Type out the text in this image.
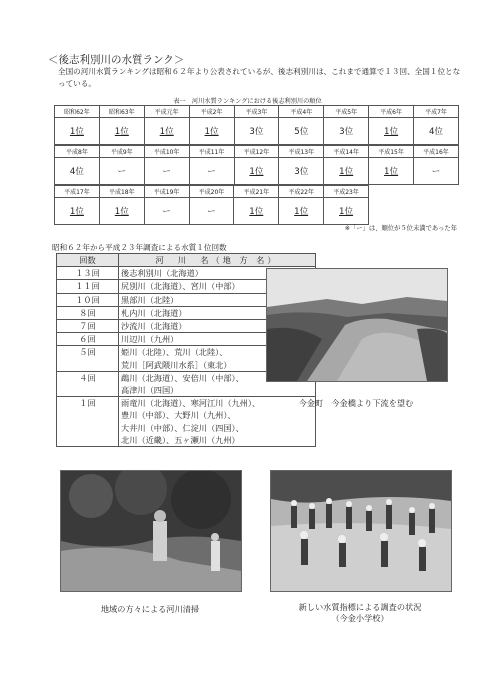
＜後志利別川の水質ランク＞
全国の河川水質ランキングは昭和６２年より公表されているが、後志利別川は、これまで通算で１３回、全国１位となっている。
表一　河川水質ランキングにおける後志利別川の順位
昭和62年	昭和63年	平成元年	平成2年	平成3年	平成4年	平成5年	平成6年	平成7年
1位	1位	1位	1位	3位	5位	3位	1位	4位
平成8年	平成9年	平成10年	平成11年	平成12年	平成13年	平成14年	平成15年	平成16年
4位	ー	ー	ー	1位	3位	1位	1位	ー
平成17年	平成18年	平成19年	平成20年	平成21年	平成22年	平成23年
1位	1位	ー	ー	1位	1位	1位
※「ー」は、順位が５位未満であった年
昭和６２年から平成２３年調査による水質１位回数
回数	河　川　名（地 方 名）
１３回	後志利別川（北海道）

１１回	尻別川（北海道）、宮川（中部）

１０回	黒部川（北陸）

８回	札内川（北海道）

７回	沙流川（北海道）

６回	川辺川（九州）

５回	姫川（北陸）、荒川（北陸）、
荒川［阿武隈川水系］（東北）

４回	鵡川（北海道）、安倍川（中部）、
高津川（四国）

１回	雨竜川（北海道）、寒河江川（九州）、
豊川（中部）、大野川（九州）、
大井川（中部）、仁淀川（四国）、
北川（近畿）、五ヶ瀬川（九州）
今金町　今金橋より下流を望む
地域の方々による河川清掃	新しい水質指標による調査の状況
（今金小学校）
